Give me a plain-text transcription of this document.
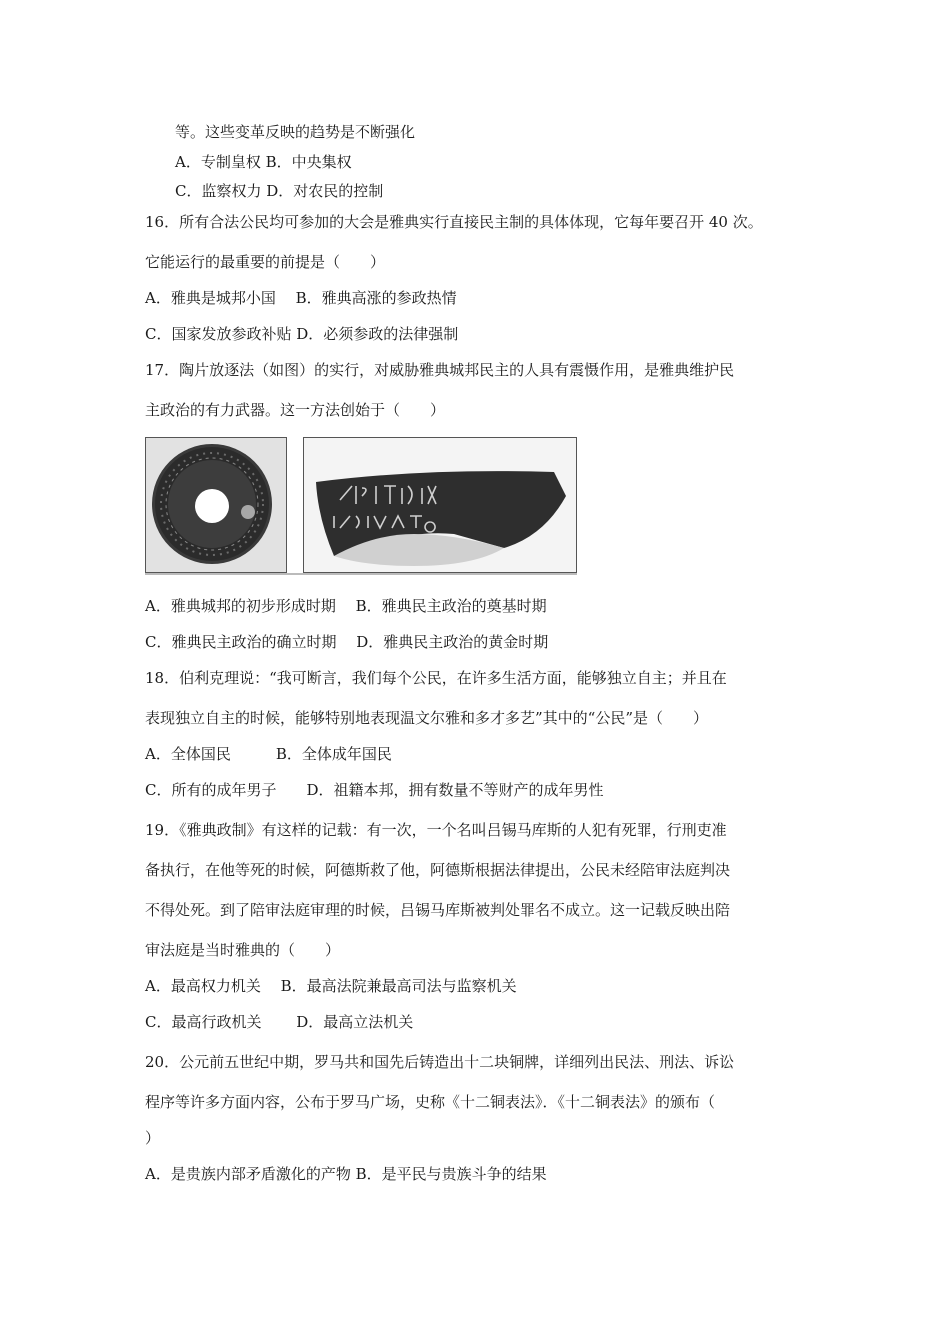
等。这些变革反映的趋势是不断强化
A．专制皇权 B．中央集权
C．监察权力 D．对农民的控制
16．所有合法公民均可参加的大会是雅典实行直接民主制的具体体现，它每年要召开 40 次。
它能运行的最重要的前提是（　　）
A．雅典是城邦小国　 B．雅典高涨的参政热情
C．国家发放参政补贴 D．必须参政的法律强制
17．陶片放逐法（如图）的实行，对威胁雅典城邦民主的人具有震慑作用，是雅典维护民
主政治的有力武器。这一方法创始于（　　）
A．雅典城邦的初步形成时期　 B．雅典民主政治的奠基时期
C．雅典民主政治的确立时期　 D．雅典民主政治的黄金时期
18．伯利克理说：“我可断言，我们每个公民，在许多生活方面，能够独立自主；并且在
表现独立自主的时候，能够特别地表现温文尔雅和多才多艺”其中的“公民”是（　　）
A．全体国民　　　B．全体成年国民
C．所有的成年男子　　D．祖籍本邦，拥有数量不等财产的成年男性
19．《雅典政制》有这样的记载：有一次，一个名叫吕锡马库斯的人犯有死罪，行刑吏准
备执行，在他等死的时候，阿德斯救了他，阿德斯根据法律提出，公民未经陪审法庭判决
不得处死。到了陪审法庭审理的时候，吕锡马库斯被判处罪名不成立。这一记载反映出陪
审法庭是当时雅典的（　　）
A．最高权力机关　 B．最高法院兼最高司法与监察机关
C．最高行政机关　　 D．最高立法机关
20．公元前五世纪中期，罗马共和国先后铸造出十二块铜牌，详细列出民法、刑法、诉讼
程序等许多方面内容，公布于罗马广场，史称《十二铜表法》．《十二铜表法》的颁布（
）
A．是贵族内部矛盾激化的产物 B．是平民与贵族斗争的结果
